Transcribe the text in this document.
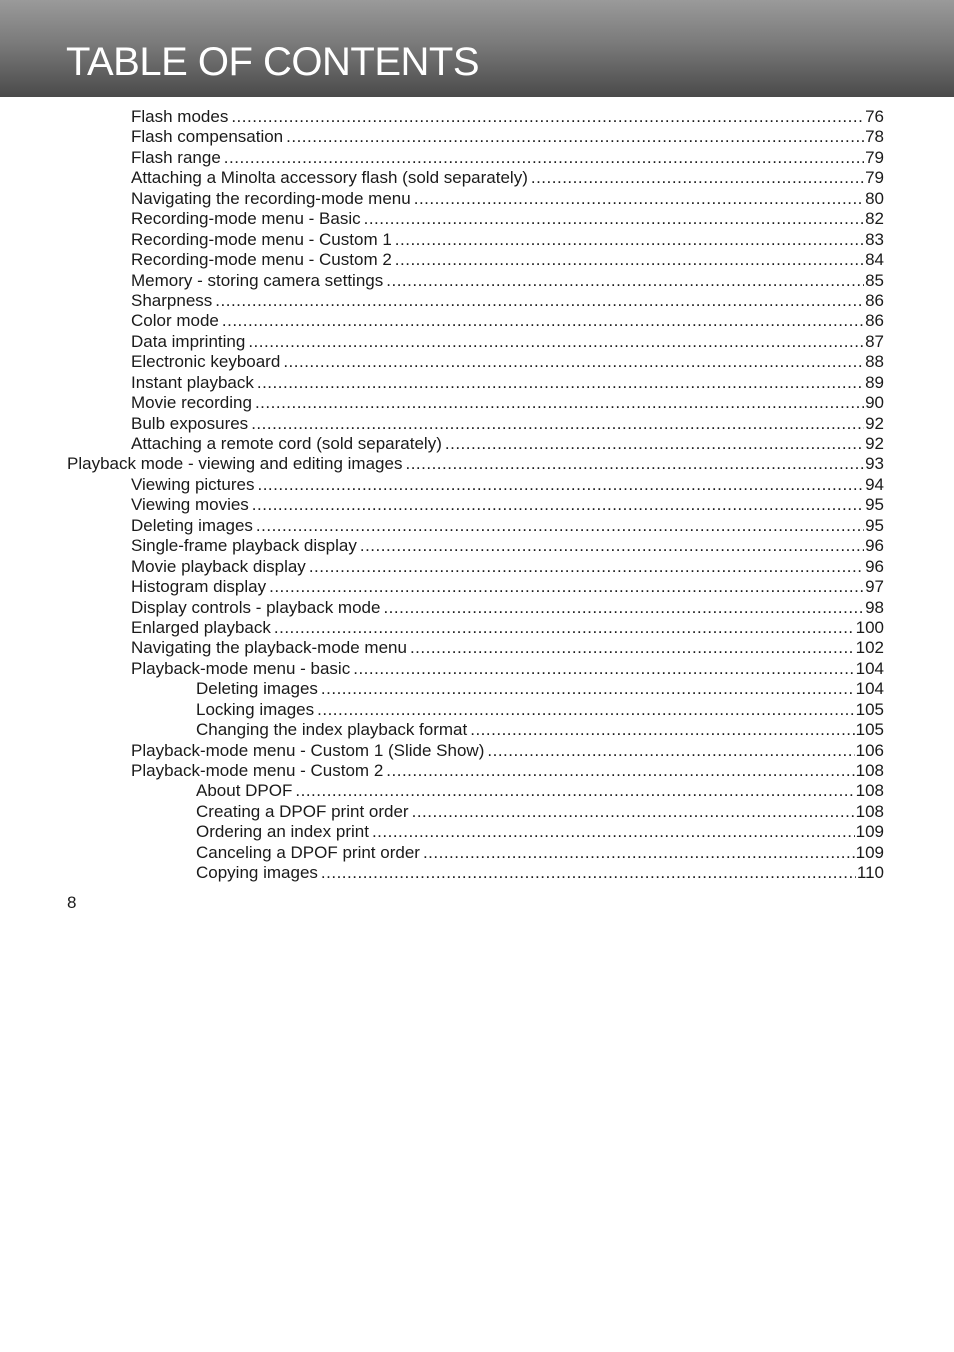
TABLE OF CONTENTS
Flash modes .....	76
Flash compensation .....	78
Flash range .....	79
Attaching a Minolta accessory flash (sold separately) .....	79
Navigating the recording-mode menu .....	80
Recording-mode menu - Basic .....	82
Recording-mode menu - Custom 1 .....	83
Recording-mode menu - Custom 2 .....	84
Memory - storing camera settings .....	85
Sharpness .....	86
Color mode .....	86
Data imprinting .....	87
Electronic keyboard .....	88
Instant playback .....	89
Movie recording .....	90
Bulb exposures .....	92
Attaching a remote cord (sold separately) .....	92
Playback mode - viewing and editing images .....	93
Viewing pictures .....	94
Viewing movies .....	95
Deleting images .....	95
Single-frame playback display .....	96
Movie playback display .....	96
Histogram display .....	97
Display controls - playback mode .....	98
Enlarged playback .....	100
Navigating the playback-mode menu .....	102
Playback-mode menu - basic .....	104
Deleting images .....	104
Locking images .....	105
Changing the index playback format .....	105
Playback-mode menu - Custom 1 (Slide Show) .....	106
Playback-mode menu - Custom 2 .....	108
About DPOF .....	108
Creating a DPOF print order .....	108
Ordering an index print .....	109
Canceling a DPOF print order .....	109
Copying images .....	110
8
